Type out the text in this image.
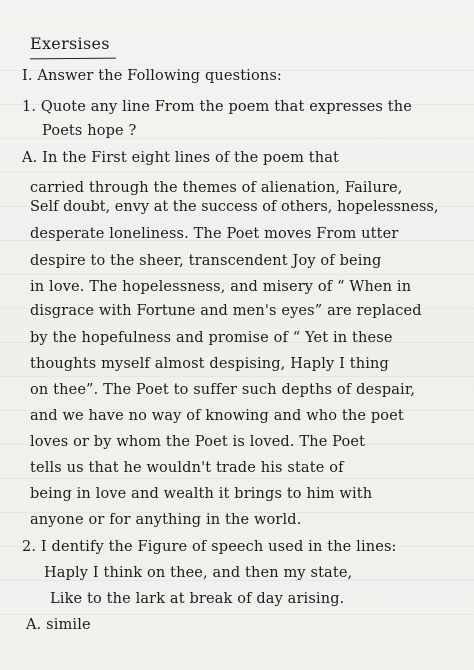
Exersises
I. Answer the Following questions:
1. Quote any line From the poem that expresses the
Poets hope ?
A. In the First eight lines of the poem that
carried through the themes of alienation, Failure,
Self doubt, envy at the success of others, hopelessness,
desperate loneliness. The Poet moves From utter
despire to the sheer, transcendent Joy of being
in love. The hopelessness, and misery of “ When in
disgrace with Fortune and men's eyes” are replaced
by the hopefulness and promise of “ Yet in these
thoughts myself almost despising, Haply I thing
on thee”. The Poet to suffer such depths of despair,
and we have no way of knowing and who the poet
loves or by whom the Poet is loved. The Poet
tells us that he wouldn't trade his state of
being in love and wealth it brings to him with
anyone or for anything in the world.
2. I dentify the Figure of speech used in the lines:
Haply I think on thee, and then my state,
Like to the lark at break of day arising.
A. simile
